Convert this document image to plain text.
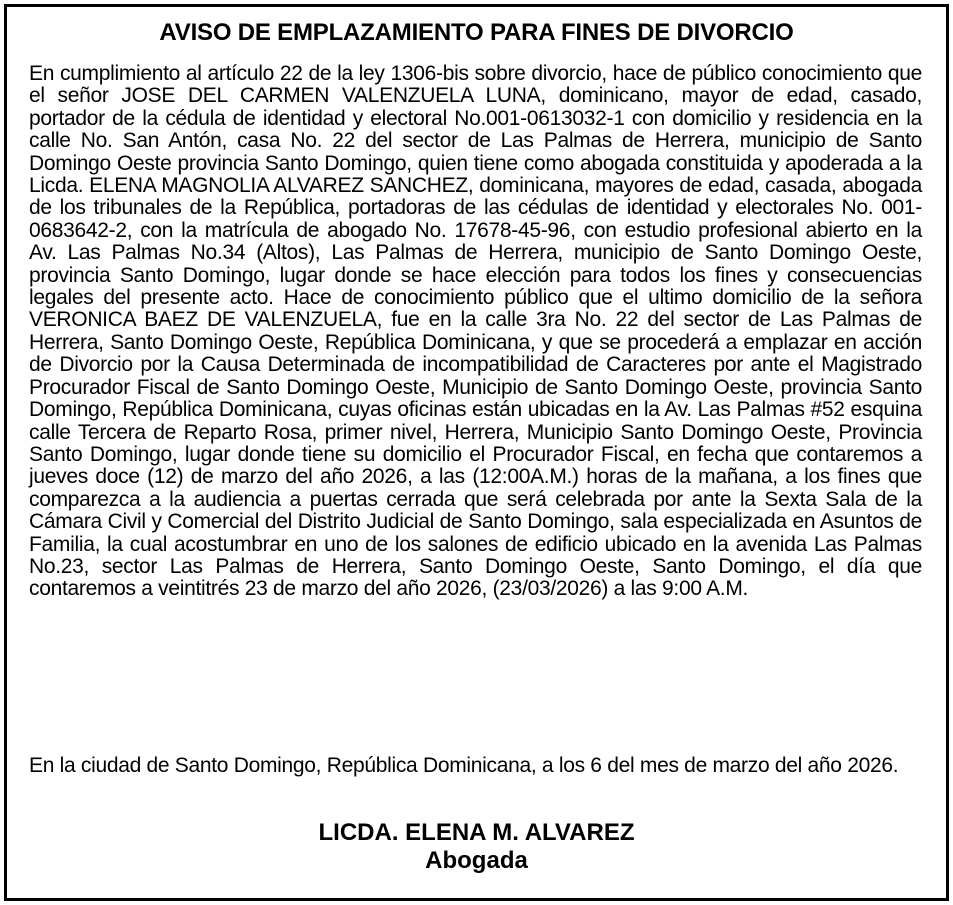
AVISO DE EMPLAZAMIENTO PARA FINES DE DIVORCIO

En cumplimiento al artículo 22 de la ley 1306-bis sobre divorcio, hace de público conocimiento que el señor JOSE DEL CARMEN VALENZUELA LUNA, dominicano, mayor de edad, casado, portador de la cédula de identidad y electoral No.001-0613032-1 con domicilio y residencia en la calle No. San Antón, casa No. 22 del sector de Las Palmas de Herrera, municipio de Santo Domingo Oeste provincia Santo Domingo, quien tiene como abogada constituida y apoderada a la Licda. ELENA MAGNOLIA ALVAREZ SANCHEZ, dominicana, mayores de edad, casada, abogada de los tribunales de la República, portadoras de las cédulas de identidad y electorales No. 001-0683642-2, con la matrícula de abogado No. 17678-45-96, con estudio profesional abierto en la Av. Las Palmas No.34 (Altos), Las Palmas de Herrera, municipio de Santo Domingo Oeste, provincia Santo Domingo, lugar donde se hace elección para todos los fines y consecuencias legales del presente acto. Hace de conocimiento público que el ultimo domicilio de la señora VERONICA BAEZ DE VALENZUELA, fue en la calle 3ra No. 22 del sector de Las Palmas de Herrera, Santo Domingo Oeste, República Dominicana, y que se procederá a emplazar en acción de Divorcio por la Causa Determinada de incompatibilidad de Caracteres por ante el Magistrado Procurador Fiscal de Santo Domingo Oeste, Municipio de Santo Domingo Oeste, provincia Santo Domingo, República Dominicana, cuyas oficinas están ubicadas en la Av. Las Palmas #52 esquina calle Tercera de Reparto Rosa, primer nivel, Herrera, Municipio Santo Domingo Oeste, Provincia Santo Domingo, lugar donde tiene su domicilio el Procurador Fiscal, en fecha que contaremos a jueves doce (12) de marzo del año 2026, a las (12:00A.M.) horas de la mañana, a los fines que comparezca a la audiencia a puertas cerrada que será celebrada por ante la Sexta Sala de la Cámara Civil y Comercial del Distrito Judicial de Santo Domingo, sala especializada en Asuntos de Familia, la cual acostumbrar en uno de los salones de edificio ubicado en la avenida Las Palmas No.23, sector Las Palmas de Herrera, Santo Domingo Oeste, Santo Domingo, el día que contaremos a veintitrés 23 de marzo del año 2026, (23/03/2026) a las 9:00 A.M.

En la ciudad de Santo Domingo, República Dominicana, a los 6 del mes de marzo del año 2026.

LICDA. ELENA M. ALVAREZ
Abogada
